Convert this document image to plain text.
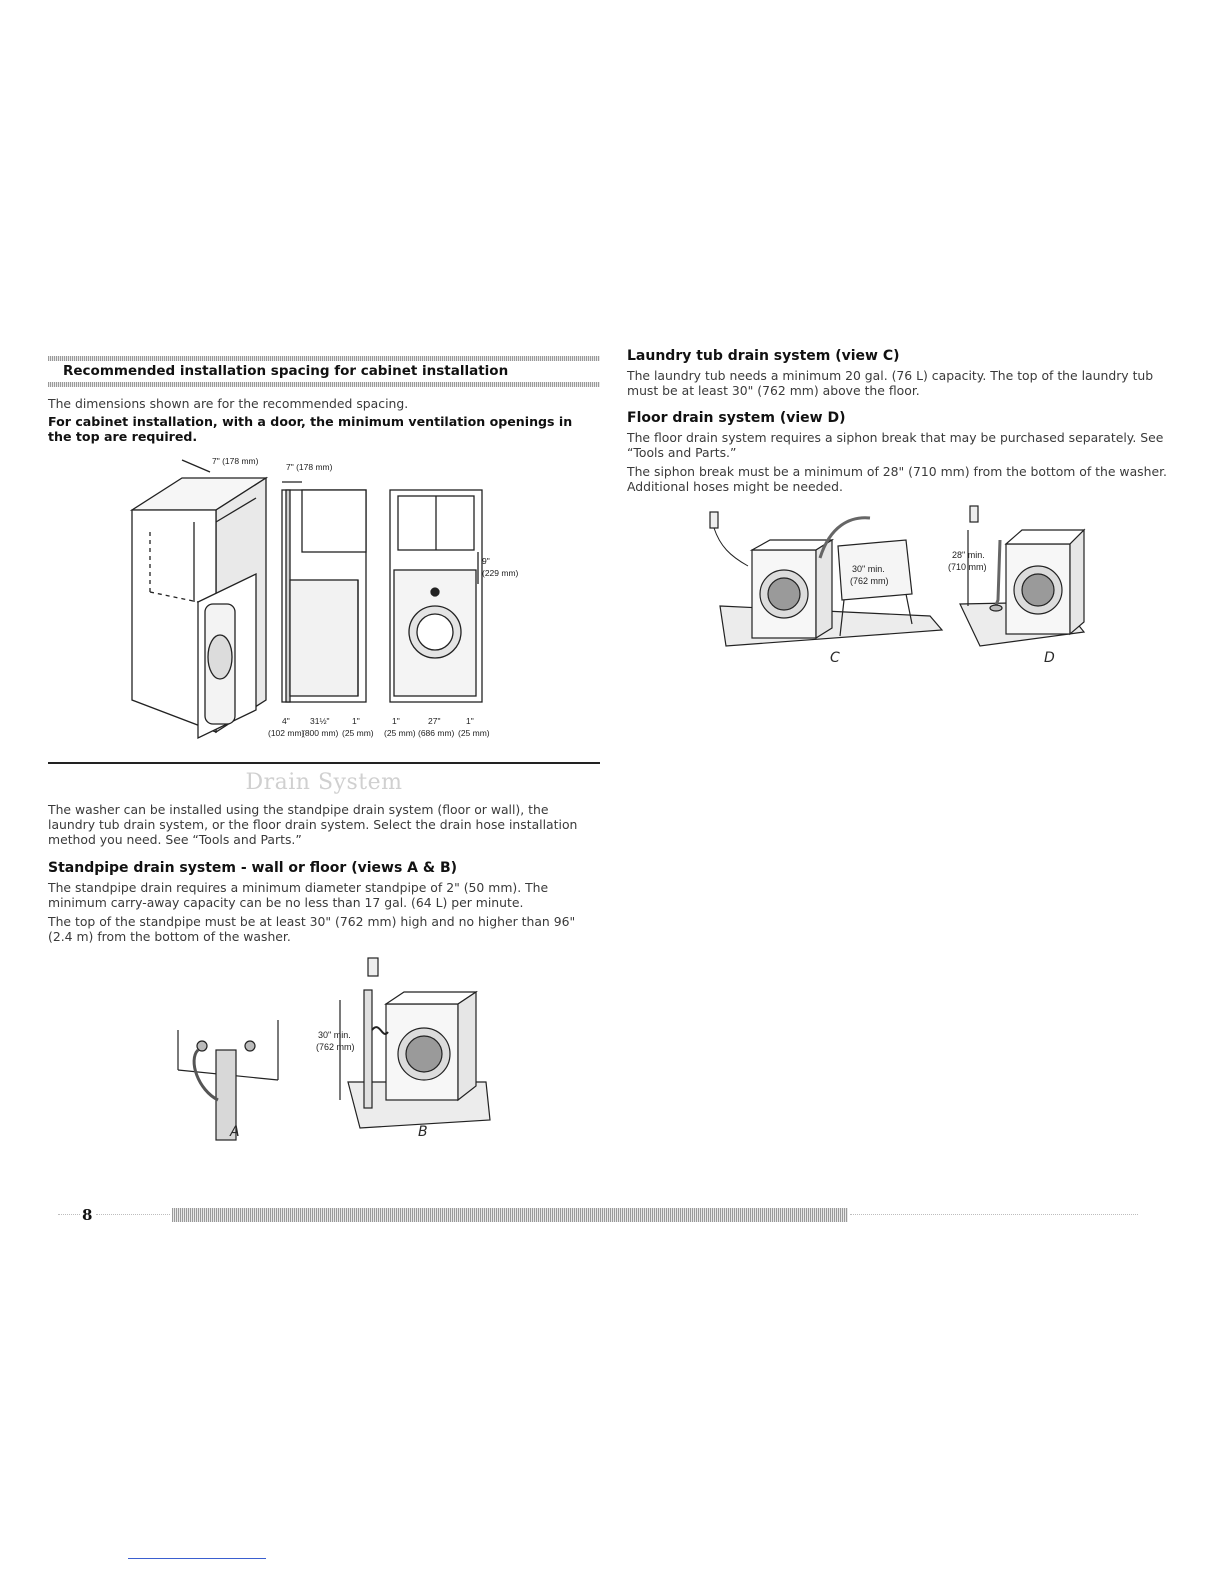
Recommended installation spacing for cabinet installation

The dimensions shown are for the recommended spacing.

For cabinet installation, with a door, the minimum ventilation openings in the top are required.

7" (178 mm)
7" (178 mm)
9"
(229 mm)
4" 31½"	1"
(102 mm)
(800 mm) (25 mm)
1"	27"	1"
(25 mm) (686 mm) (25 mm)
Drain System

The washer can be installed using the standpipe drain system (floor or wall), the laundry tub drain system, or the floor drain system. Select the drain hose installation method you need. See “Tools and Parts.”

Standpipe drain system - wall or floor (views A & B)

The standpipe drain requires a minimum diameter standpipe of 2" (50 mm). The minimum carry-away capacity can be no less than 17 gal. (64 L) per minute.

The top of the standpipe must be at least 30" (762 mm) high and no higher than 96" (2.4 m) from the bottom of the washer.

A
30" min.
(762 mm)
B
Laundry tub drain system (view C)

The laundry tub needs a minimum 20 gal. (76 L) capacity. The top of the laundry tub must be at least 30" (762 mm) above the floor.

Floor drain system (view D)

The floor drain system requires a siphon break that may be purchased separately. See “Tools and Parts.”

The siphon break must be a minimum of 28" (710 mm) from the bottom of the washer. Additional hoses might be needed.

30" min.
(762 mm)
C
28" min.
(710 mm)
D
8
